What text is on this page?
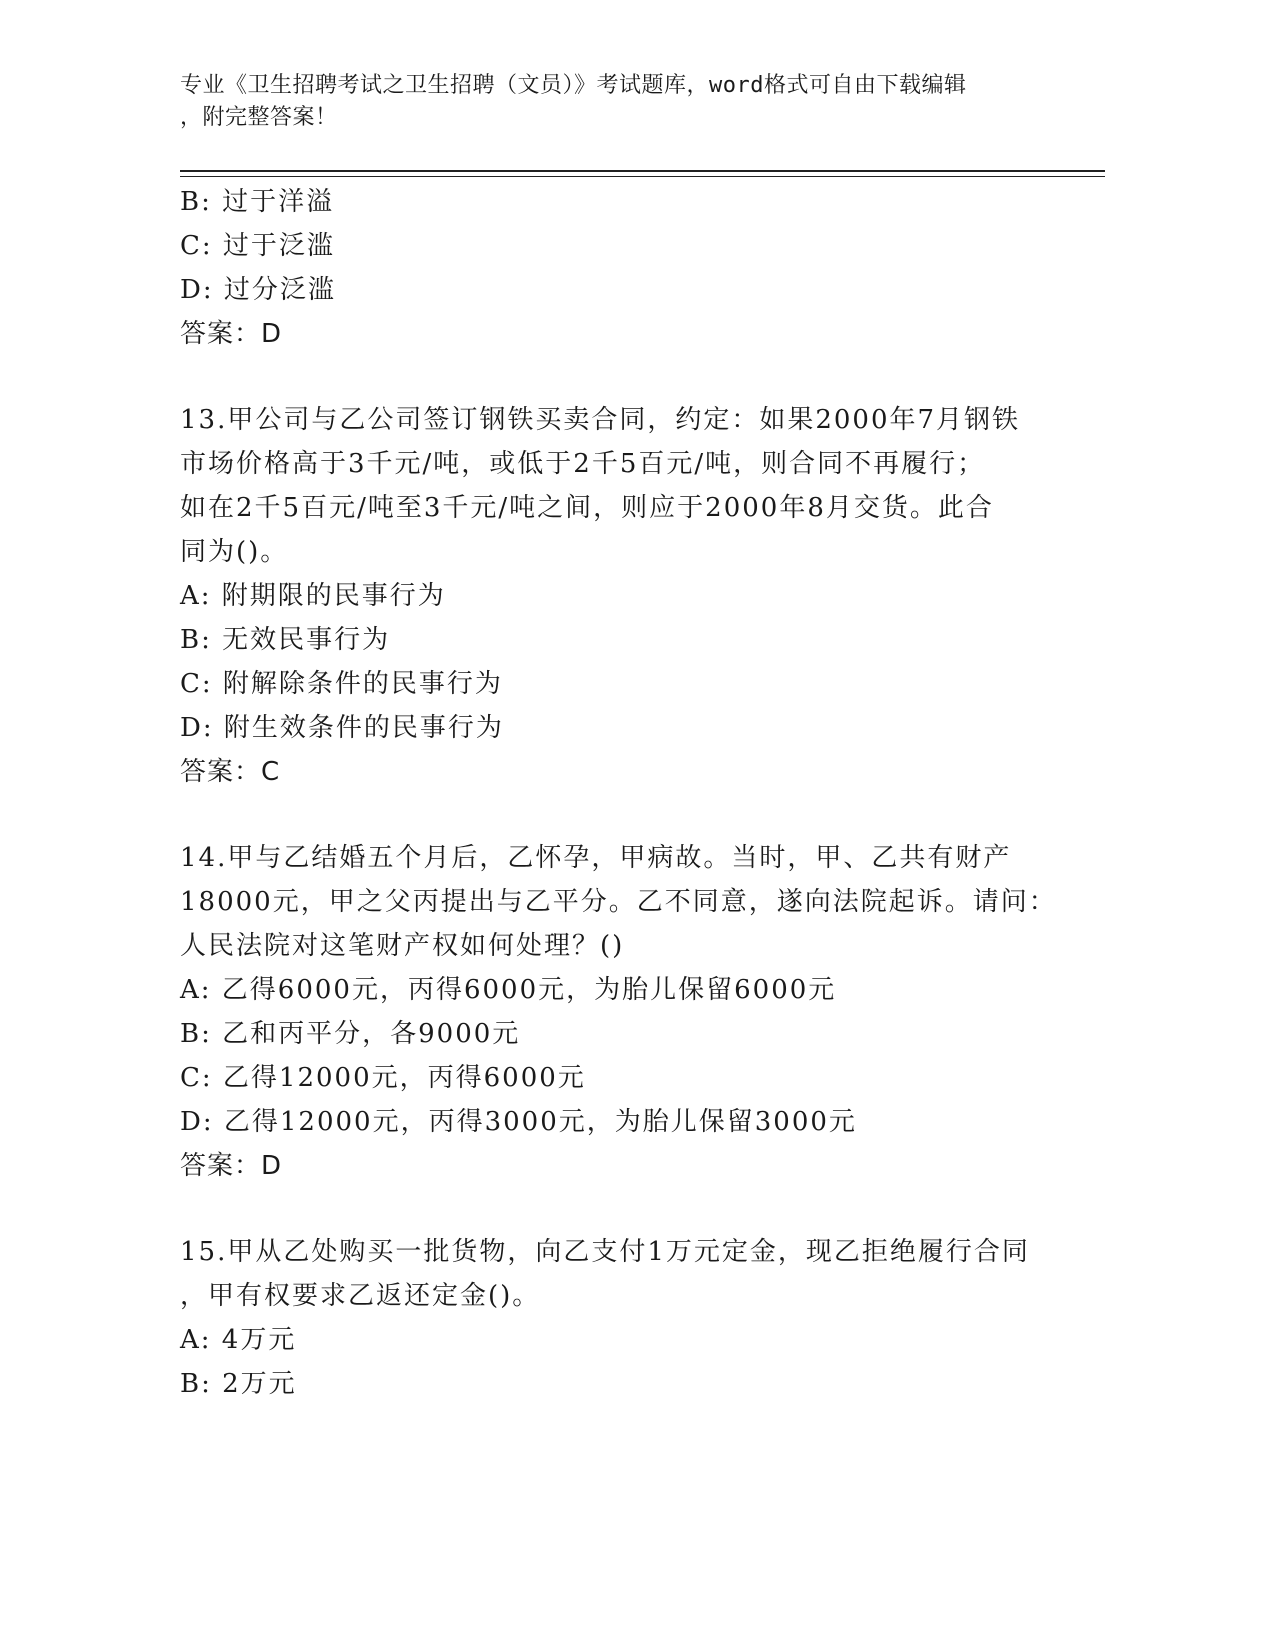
专业《卫生招聘考试之卫生招聘（文员）》考试题库，word格式可自由下载编辑
，附完整答案！
B: 过于洋溢
C: 过于泛滥
D: 过分泛滥
答案：D
13.甲公司与乙公司签订钢铁买卖合同，约定：如果2000年7月钢铁
市场价格高于3千元/吨，或低于2千5百元/吨，则合同不再履行；
如在2千5百元/吨至3千元/吨之间，则应于2000年8月交货。此合
同为()。
A: 附期限的民事行为
B: 无效民事行为
C: 附解除条件的民事行为
D: 附生效条件的民事行为
答案：C
14.甲与乙结婚五个月后，乙怀孕，甲病故。当时，甲、乙共有财产
18000元，甲之父丙提出与乙平分。乙不同意，遂向法院起诉。请问：
人民法院对这笔财产权如何处理？()
A: 乙得6000元，丙得6000元，为胎儿保留6000元
B: 乙和丙平分，各9000元
C: 乙得12000元，丙得6000元
D: 乙得12000元，丙得3000元，为胎儿保留3000元
答案：D
15.甲从乙处购买一批货物，向乙支付1万元定金，现乙拒绝履行合同
，甲有权要求乙返还定金()。
A: 4万元
B: 2万元
